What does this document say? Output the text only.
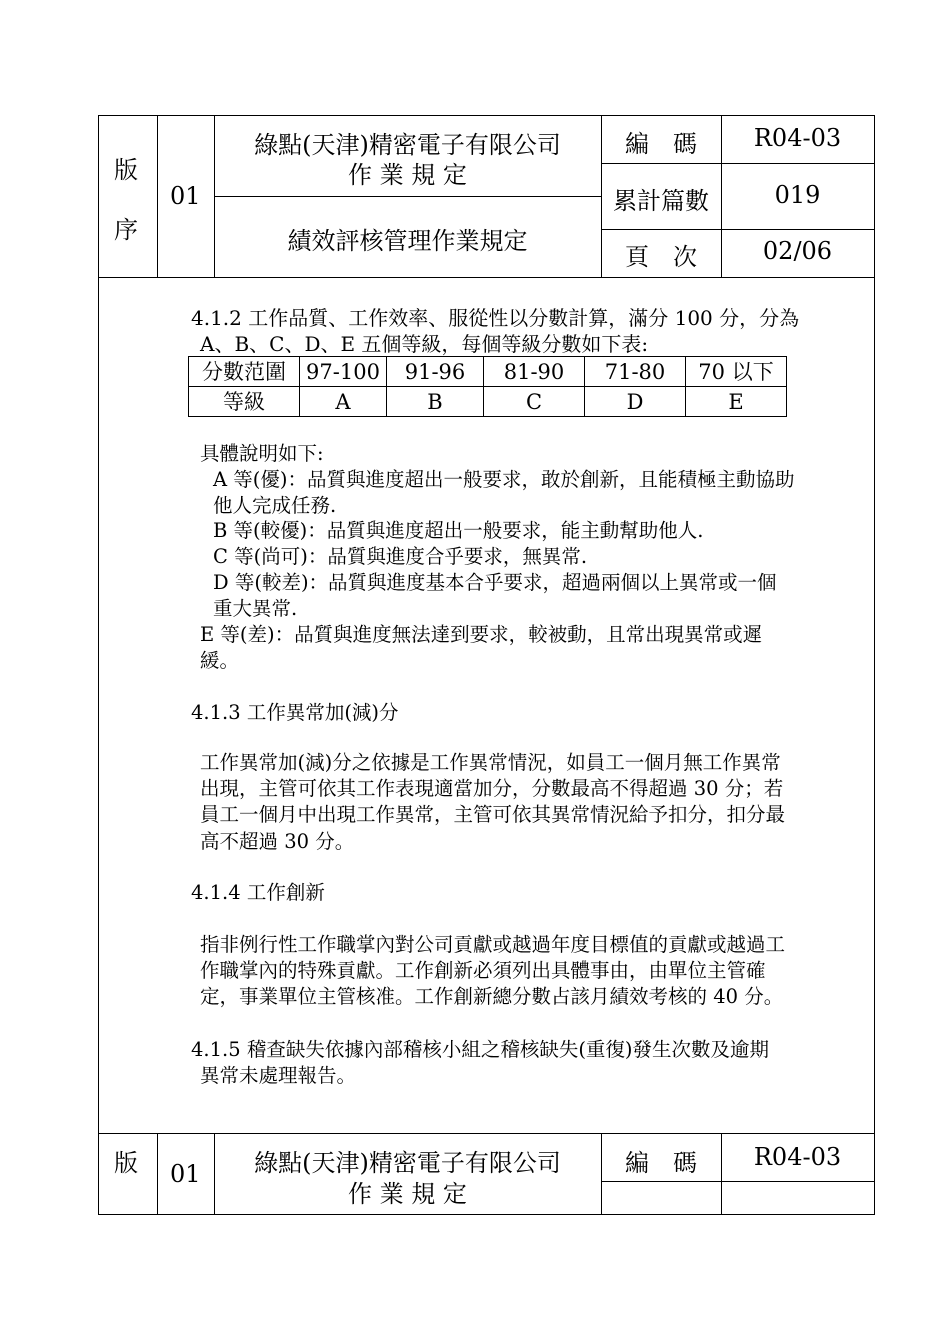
版
序
01
綠點(天津)精密電子有限公司
作 業 規 定
績效評核管理作業規定
編　碼	R04-03
累計篇數	019
頁　次	02/06
4.1.2 工作品質、工作效率、服從性以分數計算，滿分 100 分，分為
A、B、C、D、E 五個等級，每個等級分數如下表:
分數范圍	97-100	91-96	81-90	71-80	70 以下
等級	A	B	C	D	E
具體說明如下:
A 等(優)：品質與進度超出一般要求，敢於創新，且能積極主動協助
他人完成任務.
B 等(較優)：品質與進度超出一般要求，能主動幫助他人.
C 等(尚可)：品質與進度合乎要求，無異常.
D 等(較差)：品質與進度基本合乎要求，超過兩個以上異常或一個
重大異常.
E 等(差)：品質與進度無法達到要求，較被動，且常出現異常或遲
緩。
4.1.3 工作異常加(減)分
工作異常加(減)分之依據是工作異常情況，如員工一個月無工作異常
出現，主管可依其工作表現適當加分，分數最高不得超過 30 分；若
員工一個月中出現工作異常，主管可依其異常情況給予扣分，扣分最
高不超過 30 分。
4.1.4 工作創新
指非例行性工作職掌內對公司貢獻或越過年度目標值的貢獻或越過工
作職掌內的特殊貢獻。工作創新必須列出具體事由，由單位主管確
定，事業單位主管核准。工作創新總分數占該月績效考核的 40 分。
4.1.5 稽查缺失依據內部稽核小組之稽核缺失(重復)發生次數及逾期
異常未處理報告。
版 01	綠點(天津)精密電子有限公司
作 業 規 定
編　碼	R04-03
